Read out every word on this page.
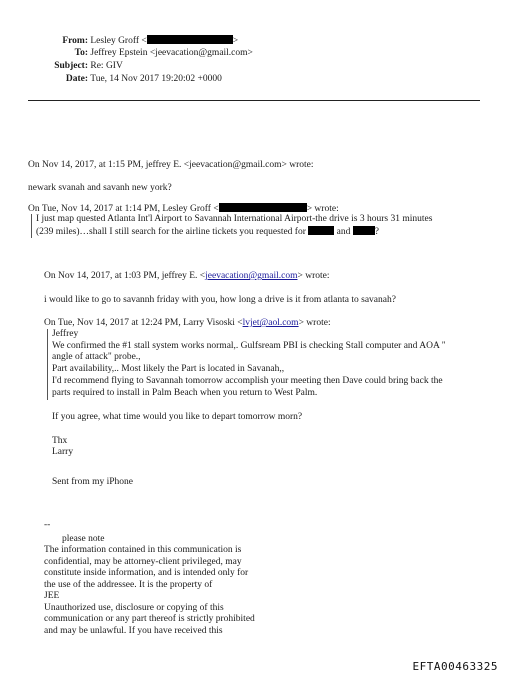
From: Lesley Groff <	>
To: Jeffrey Epstein <jeevacation@gmail.com>
Subject: Re: GIV
Date: Tue, 14 Nov 2017 19:20:02 +0000
On Nov 14, 2017, at 1:15 PM, jeffrey E. <jeevacation@gmail.com> wrote:
newark svanah and savanh new york?
On Tue, Nov 14, 2017 at 1:14 PM, Lesley Groff <	> wrote:
I just map quested Atlanta Int'l Airport to Savannah International Airport-the drive is 3 hours 31 minutes
(239 miles)…shall I still search for the airline tickets you requested for	and	?
On Nov 14, 2017, at 1:03 PM, jeffrey E. <jeevacation@gmail.com> wrote:
i would like to go to savannh friday with you, how long a drive is it from atlanta to savanah?
On Tue, Nov 14, 2017 at 12:24 PM, Larry Visoski <lvjet@aol.com> wrote:
Jeffrey
We confirmed the #1 stall system works normal,. Gulfsream PBI is checking Stall computer and AOA "
angle of attack" probe.,
Part availability,.. Most likely the Part is located in Savanah,,
I'd recommend flying to Savannah tomorrow accomplish your meeting then Dave could bring back the
parts required to install in Palm Beach when you return to West Palm.
If you agree, what time would you like to depart tomorrow morn?
Thx
Larry
Sent from my iPhone
--
please note
The information contained in this communication is
confidential, may be attorney-client privileged, may
constitute inside information, and is intended only for
the use of the addressee. It is the property of
JEE
Unauthorized use, disclosure or copying of this
communication or any part thereof is strictly prohibited
and may be unlawful. If you have received this
EFTA00463325
